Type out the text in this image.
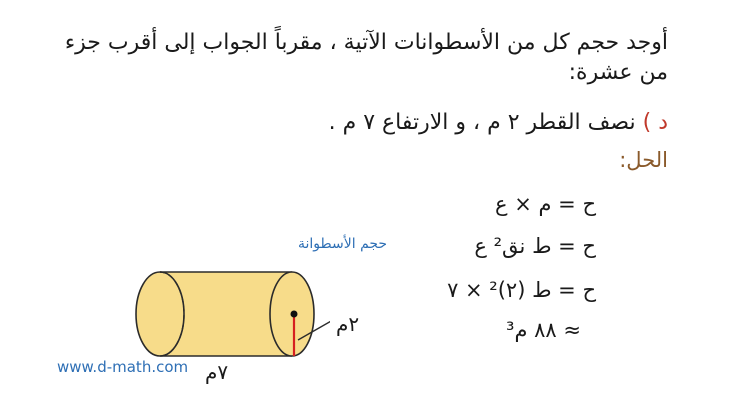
أوجد حجم كل من الأسطوانات الآتية ، مقرباً الجواب إلى أقرب جزء من عشرة:
د ) نصف القطر ٢ م ، و الارتفاع ٧ م .
الحل:
ح = م × ع
ح = ط نق² ع
ح = ط (٢)² × ٧
≈ ٨٨ م³
حجم الأسطوانة
٢م
٧م
www.d-math.com
